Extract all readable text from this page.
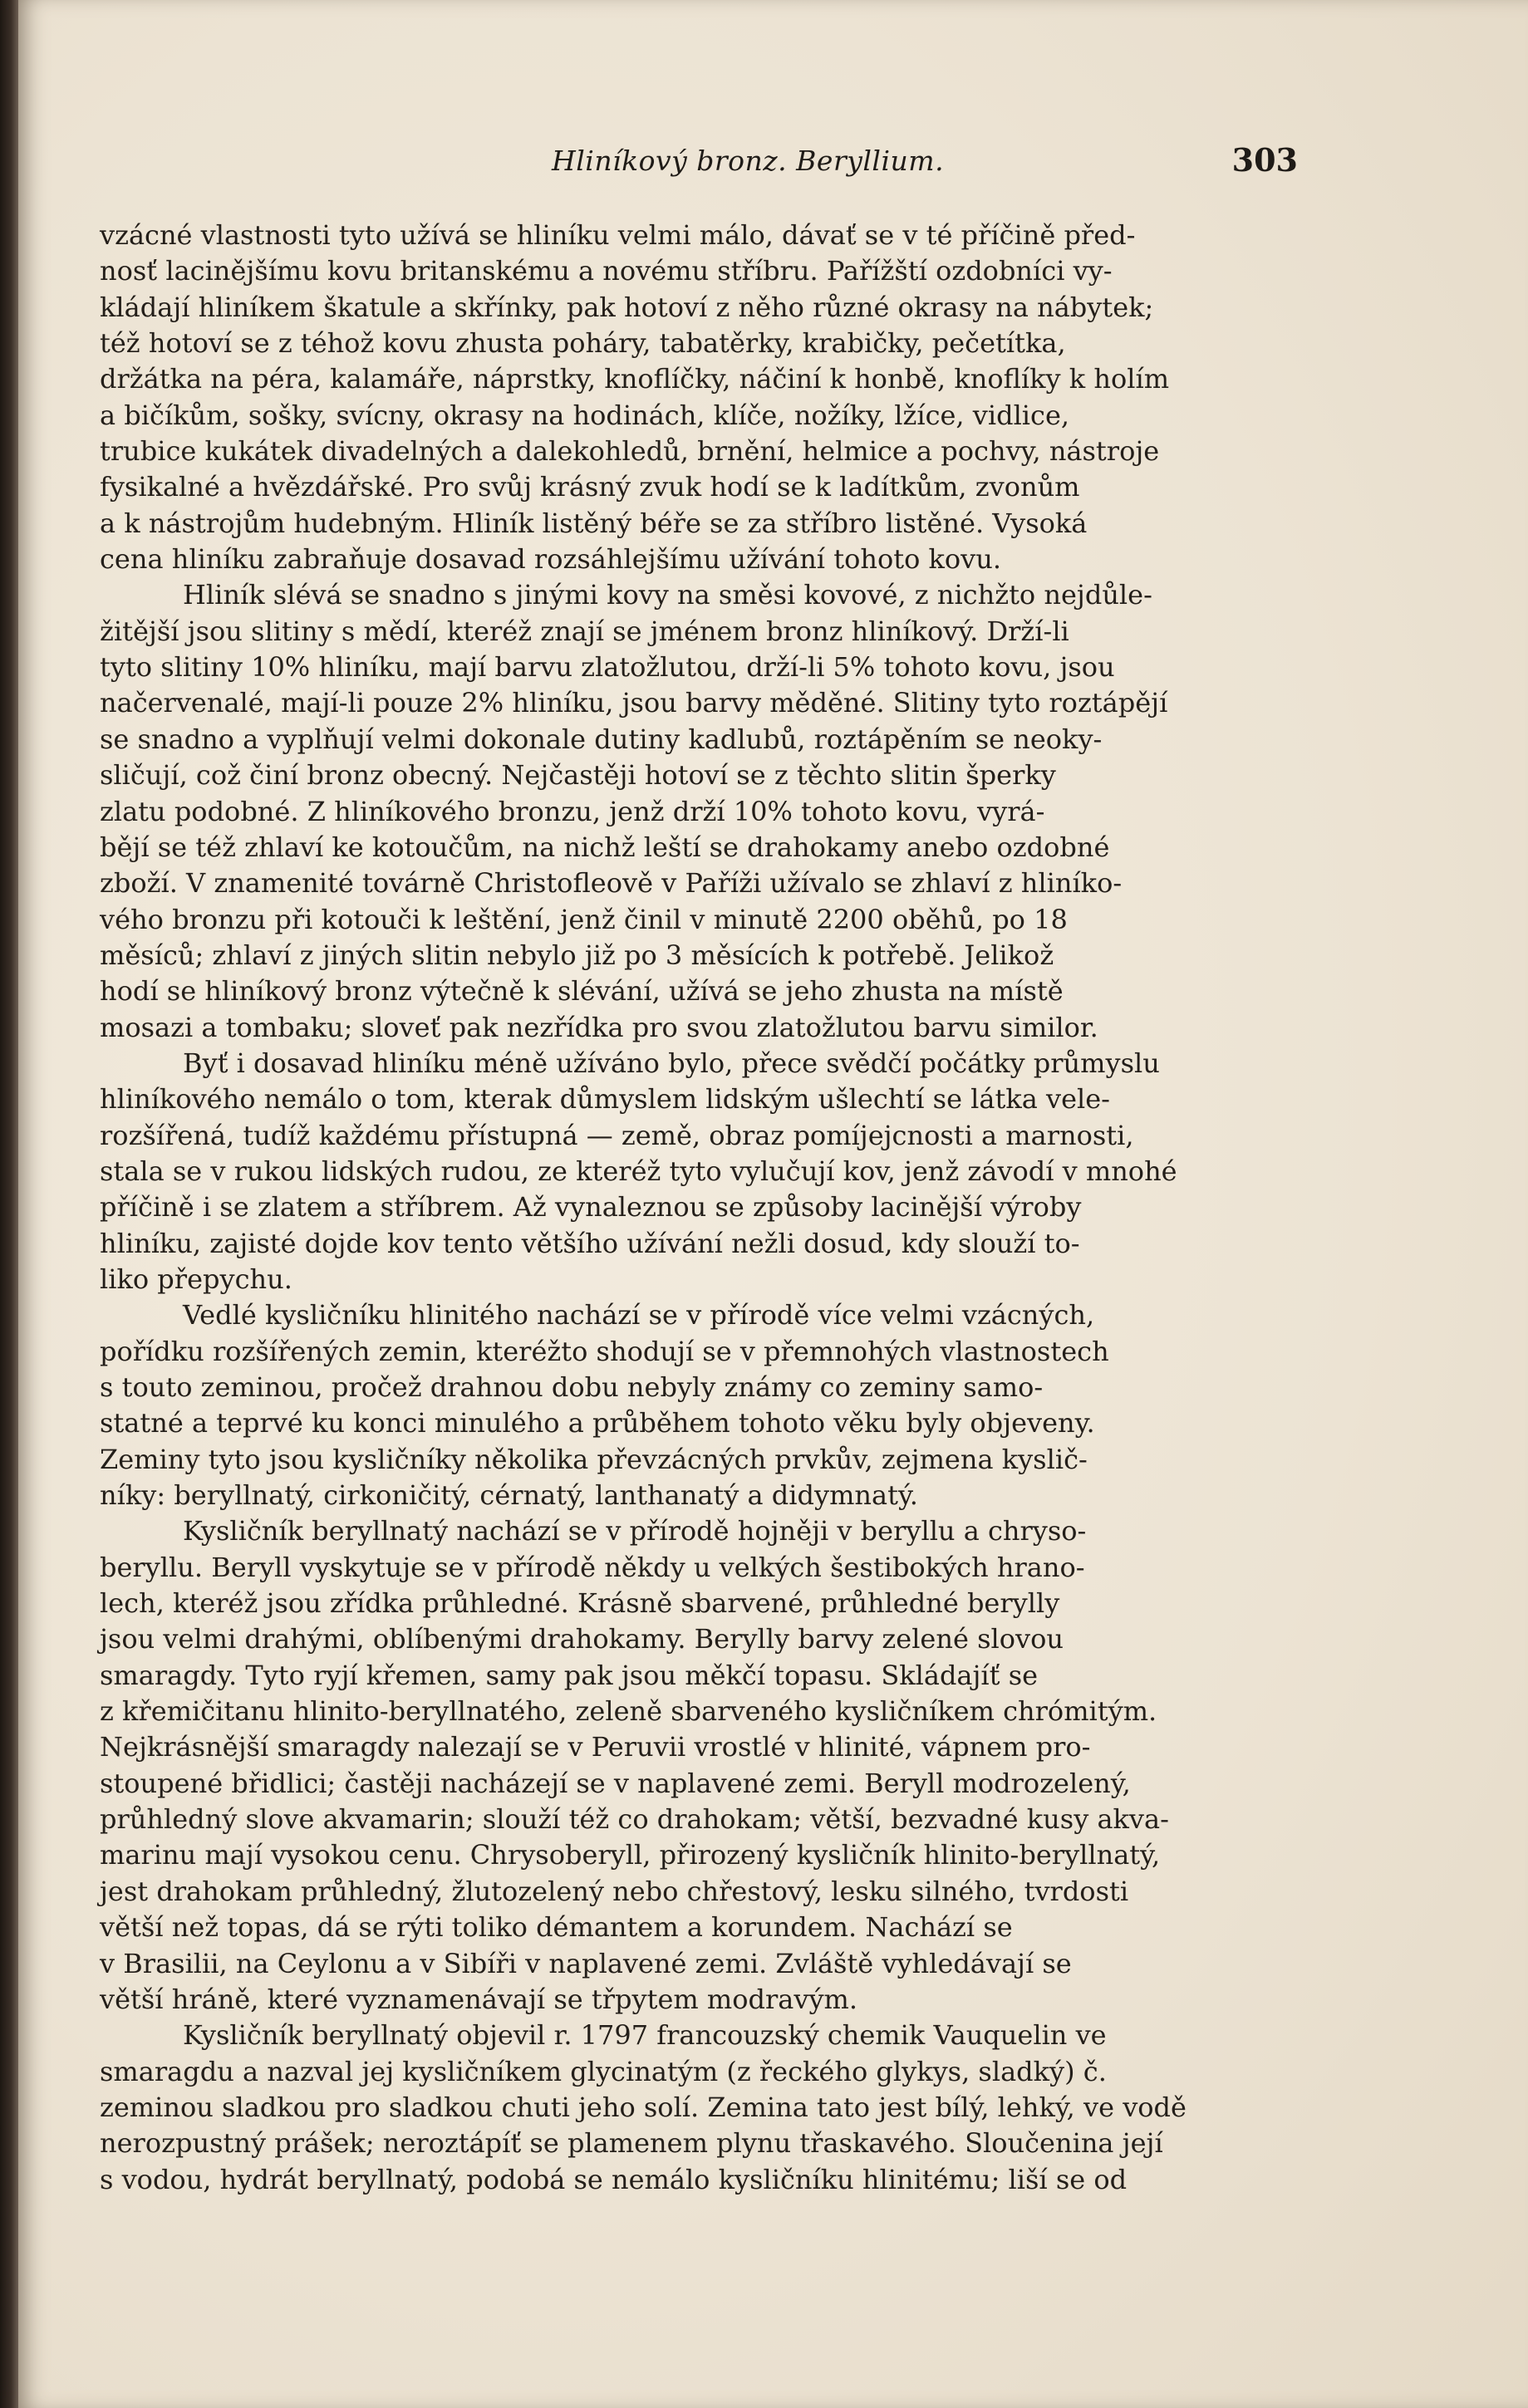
Hliníkový bronz. Beryllium.	303
vzácné vlastnosti tyto užívá se hliníku velmi málo, dávať se v té příčině před-
nosť lacinějšímu kovu britanskému a novému stříbru. Pařížští ozdobníci vy-
kládají hliníkem škatule a skřínky, pak hotoví z něho různé okrasy na nábytek;
též hotoví se z téhož kovu zhusta poháry, tabatěrky, krabičky, pečetítka,
držátka na péra, kalamáře, náprstky, knoflíčky, náčiní k honbě, knoflíky k holím
a bičíkům, sošky, svícny, okrasy na hodinách, klíče, nožíky, lžíce, vidlice,
trubice kukátek divadelných a dalekohledů, brnění, helmice a pochvy, nástroje
fysikalné a hvězdářské. Pro svůj krásný zvuk hodí se k ladítkům, zvonům
a k nástrojům hudebným. Hliník listěný béře se za stříbro listěné. Vysoká
cena hliníku zabraňuje dosavad rozsáhlejšímu užívání tohoto kovu.
Hliník slévá se snadno s jinými kovy na směsi kovové, z nichžto nejdůle-
žitější jsou slitiny s mědí, kteréž znají se jménem bronz hliníkový. Drží-li
tyto slitiny 10% hliníku, mají barvu zlatožlutou, drží-li 5% tohoto kovu, jsou
načervenalé, mají-li pouze 2% hliníku, jsou barvy měděné. Slitiny tyto roztápějí
se snadno a vyplňují velmi dokonale dutiny kadlubů, roztápěním se neoky-
sličují, což činí bronz obecný. Nejčastěji hotoví se z těchto slitin šperky
zlatu podobné. Z hliníkového bronzu, jenž drží 10% tohoto kovu, vyrá-
bějí se též zhlaví ke kotoučům, na nichž leští se drahokamy anebo ozdobné
zboží. V znamenité továrně Christofleově v Paříži užívalo se zhlaví z hliníko-
vého bronzu při kotouči k leštění, jenž činil v minutě 2200 oběhů, po 18
měsíců; zhlaví z jiných slitin nebylo již po 3 měsících k potřebě. Jelikož
hodí se hliníkový bronz výtečně k slévání, užívá se jeho zhusta na místě
mosazi a tombaku; sloveť pak nezřídka pro svou zlatožlutou barvu similor.
Byť i dosavad hliníku méně užíváno bylo, přece svědčí počátky průmyslu
hliníkového nemálo o tom, kterak důmyslem lidským ušlechtí se látka vele-
rozšířená, tudíž každému přístupná — země, obraz pomíjejcnosti a marnosti,
stala se v rukou lidských rudou, ze kteréž tyto vylučují kov, jenž závodí v mnohé
příčině i se zlatem a stříbrem. Až vynaleznou se způsoby lacinější výroby
hliníku, zajisté dojde kov tento většího užívání nežli dosud, kdy slouží to-
liko přepychu.
Vedlé kysličníku hlinitého nachází se v přírodě více velmi vzácných,
pořídku rozšířených zemin, kteréžto shodují se v přemnohých vlastnostech
s touto zeminou, pročež drahnou dobu nebyly známy co zeminy samo-
statné a teprvé ku konci minulého a průběhem tohoto věku byly objeveny.
Zeminy tyto jsou kysličníky několika převzácných prvkův, zejmena kyslič-
níky: beryllnatý, cirkoničitý, cérnatý, lanthanatý a didymnatý.
Kysličník beryllnatý nachází se v přírodě hojněji v beryllu a chryso-
beryllu. Beryll vyskytuje se v přírodě někdy u velkých šestibokých hrano-
lech, kteréž jsou zřídka průhledné. Krásně sbarvené, průhledné berylly
jsou velmi drahými, oblíbenými drahokamy. Berylly barvy zelené slovou
smaragdy. Tyto ryjí křemen, samy pak jsou měkčí topasu. Skládajíť se
z křemičitanu hlinito-beryllnatého, zeleně sbarveného kysličníkem chrómitým.
Nejkrásnější smaragdy nalezají se v Peruvii vrostlé v hlinité, vápnem pro-
stoupené břidlici; častěji nacházejí se v naplavené zemi. Beryll modrozelený,
průhledný slove akvamarin; slouží též co drahokam; větší, bezvadné kusy akva-
marinu mají vysokou cenu. Chrysoberyll, přirozený kysličník hlinito-beryllnatý,
jest drahokam průhledný, žlutozelený nebo chřestový, lesku silného, tvrdosti
větší než topas, dá se rýti toliko démantem a korundem. Nachází se
v Brasilii, na Ceylonu a v Sibíři v naplavené zemi. Zvláště vyhledávají se
větší hráně, které vyznamenávají se třpytem modravým.
Kysličník beryllnatý objevil r. 1797 francouzský chemik Vauquelin ve
smaragdu a nazval jej kysličníkem glycinatým (z řeckého glykys, sladký) č.
zeminou sladkou pro sladkou chuti jeho solí. Zemina tato jest bílý, lehký, ve vodě
nerozpustný prášek; neroztápíť se plamenem plynu třaskavého. Sloučenina její
s vodou, hydrát beryllnatý, podobá se nemálo kysličníku hlinitému; liší se od
